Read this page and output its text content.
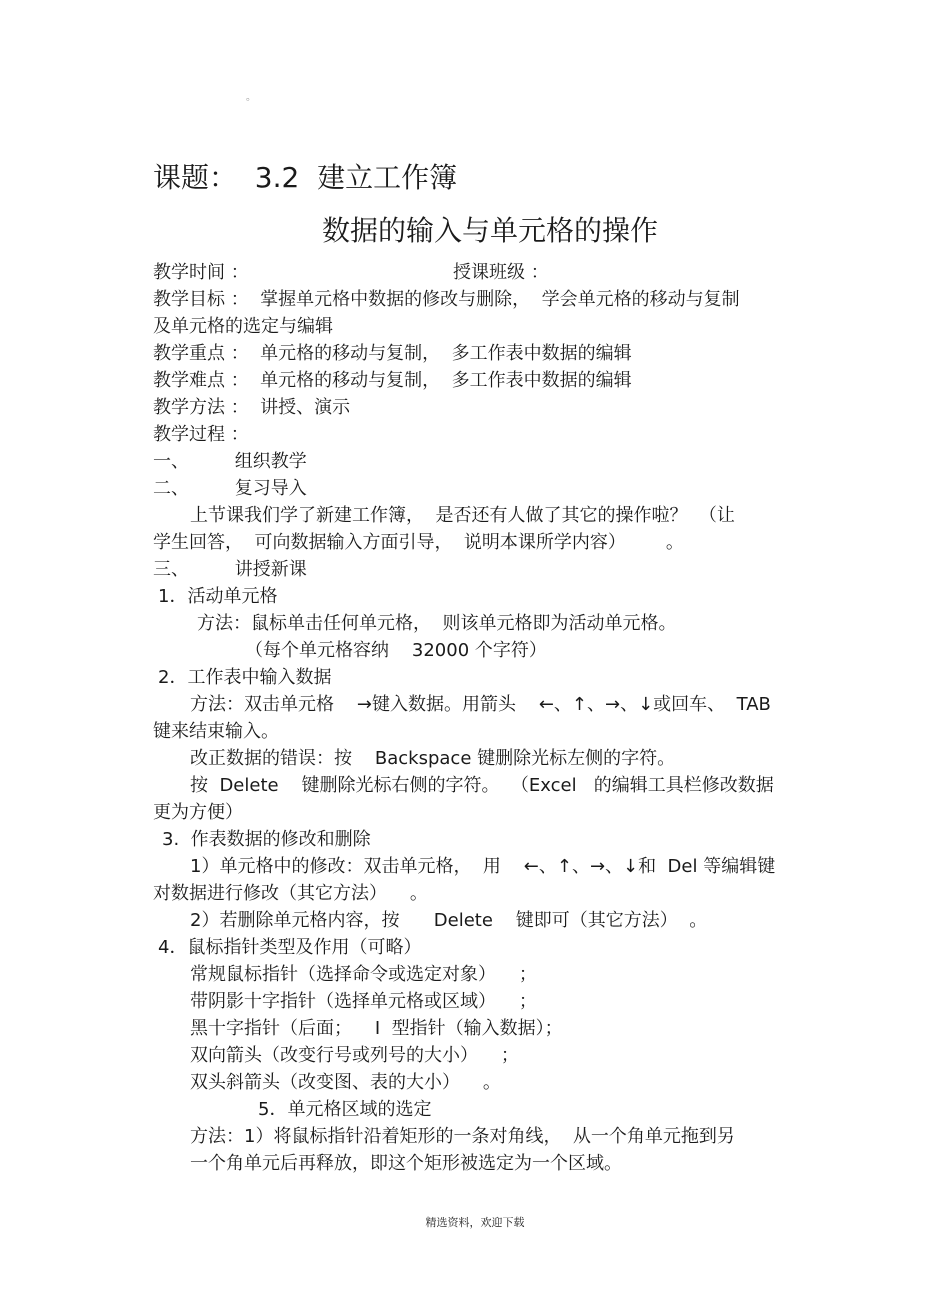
。
课题：  3.2  建立工作簿
数据的输入与单元格的操作
教学时间 ：	授课班级 ：
教学目标 ：  掌握单元格中数据的修改与删除，  学会单元格的移动与复制
及单元格的选定与编辑
教学重点 ：  单元格的移动与复制，  多工作表中数据的编辑
教学难点 ：  单元格的移动与复制，  多工作表中数据的编辑
教学方法 ：  讲授、演示
教学过程 ：
一、        组织教学
二、        复习导入
上节课我们学了新建工作簿，  是否还有人做了其它的操作啦？  （让
学生回答，  可向数据输入方面引导，  说明本课所学内容）       。
三、        讲授新课
1．活动单元格
方法：鼠标单击任何单元格，  则该单元格即为活动单元格。
（每个单元格容纳    32000 个字符）
2．工作表中输入数据
方法：双击单元格    →键入数据。用箭头    ←、↑、→、↓或回车、  TAB
键来结束输入。
改正数据的错误：按    Backspace 键删除光标左侧的字符。
按  Delete    键删除光标右侧的字符。  （Excel   的编辑工具栏修改数据
更为方便）
3.  作表数据的修改和删除
1）单元格中的修改：双击单元格，  用    ←、↑、→、↓和  Del 等编辑键
对数据进行修改（其它方法）    。
2）若删除单元格内容，按      Delete    键即可（其它方法）  。
4．鼠标指针类型及作用（可略）
常规鼠标指针（选择命令或选定对象）    ；
带阴影十字指针（选择单元格或区域）    ；
黑十字指针（后面；    I  型指针（输入数据）；
双向箭头（改变行号或列号的大小）    ；
双头斜箭头（改变图、表的大小）    。
5．单元格区域的选定
方法：1）将鼠标指针沿着矩形的一条对角线，  从一个角单元拖到另
一个角单元后再释放，即这个矩形被选定为一个区域。
精选资料，欢迎下载
